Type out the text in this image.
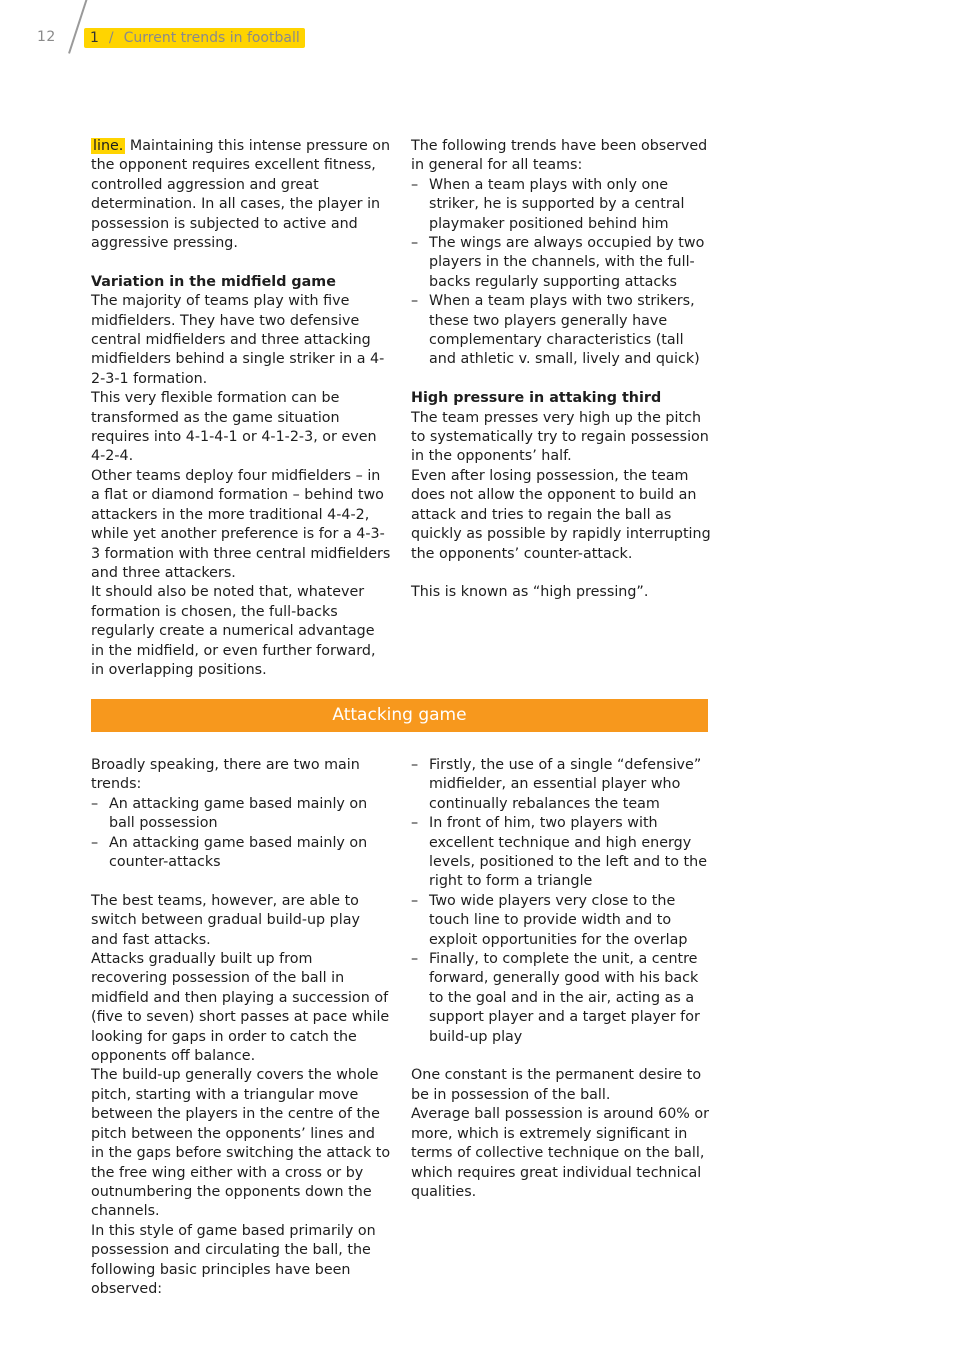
12	1 / Current trends in football

line. Maintaining this intense pressure on the opponent requires excellent fitness, controlled aggression and great determination. In all cases, the player in possession is subjected to active and aggressive pressing.

Variation in the midfield game

The majority of teams play with five midfielders. They have two defensive central midfielders and three attacking midfielders behind a single striker in a 4-2-3-1 formation.

This very flexible formation can be transformed as the game situation requires into 4-1-4-1 or 4-1-2-3, or even 4-2-4.

Other teams deploy four midfielders – in a flat or diamond formation – behind two attackers in the more traditional 4-4-2, while yet another preference is for a 4-3-3 formation with three central midfielders and three attackers.

It should also be noted that, whatever formation is chosen, the full-backs regularly create a numerical advantage in the midfield, or even further forward, in overlapping positions.

The following trends have been observed in general for all teams:

– When a team plays with only one striker, he is supported by a central playmaker positioned behind him
– The wings are always occupied by two players in the channels, with the full-backs regularly supporting attacks
– When a team plays with two strikers, these two players generally have complementary characteristics (tall and athletic v. small, lively and quick)
High pressure in attaking third

The team presses very high up the pitch to systematically try to regain possession in the opponents’ half.

Even after losing possession, the team does not allow the opponent to build an attack and tries to regain the ball as quickly as possible by rapidly interrupting the opponents’ counter-attack.

This is known as “high pressing”.

Attacking game

Broadly speaking, there are two main trends:

– An attacking game based mainly on ball possession
– An attacking game based mainly on counter-attacks

The best teams, however, are able to switch between gradual build-up play and fast attacks.

Attacks gradually built up from recovering possession of the ball in midfield and then playing a succession of (five to seven) short passes at pace while looking for gaps in order to catch the opponents off balance.

The build-up generally covers the whole pitch, starting with a triangular move between the players in the centre of the pitch between the opponents’ lines and in the gaps before switching the attack to the free wing either with a cross or by outnumbering the opponents down the channels.

In this style of game based primarily on possession and circulating the ball, the following basic principles have been observed:

– Firstly, the use of a single “defensive” midfielder, an essential player who continually rebalances the team
– In front of him, two players with excellent technique and high energy levels, positioned to the left and to the right to form a triangle
– Two wide players very close to the touch line to provide width and to exploit opportunities for the overlap
– Finally, to complete the unit, a centre forward, generally good with his back to the goal and in the air, acting as a support player and a target player for build-up play

One constant is the permanent desire to be in possession of the ball.

Average ball possession is around 60% or more, which is extremely significant in terms of collective technique on the ball, which requires great individual technical qualities.
